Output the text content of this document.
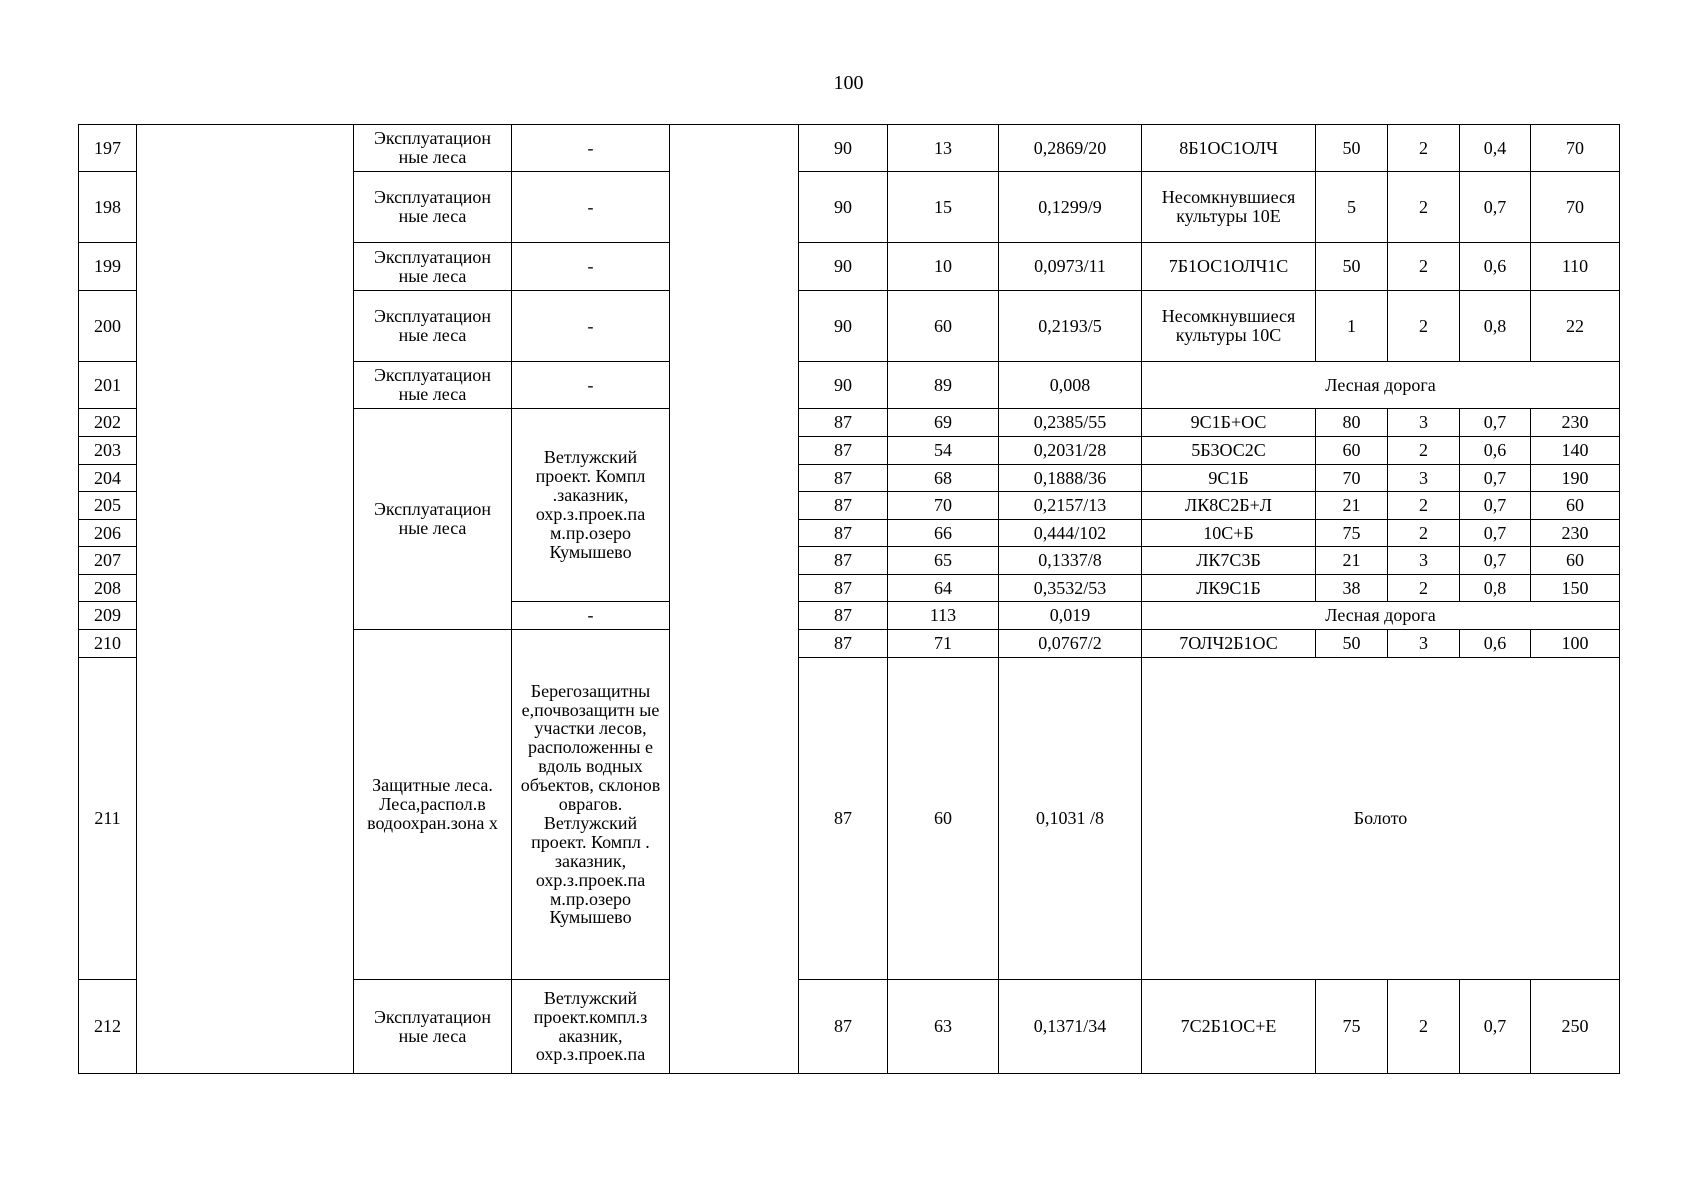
100
197		Эксплуатацион ные леса	-		90	13	0,2869/20	8Б1ОС1ОЛЧ	50	2	0,4	70
198		Эксплуатацион ные леса	-		90	15	0,1299/9	Несомкнувшиеся культуры 10Е	5	2	0,7	70
199		Эксплуатацион ные леса	-		90	10	0,0973/11	7Б1ОС1ОЛЧ1С	50	2	0,6	110
200		Эксплуатацион ные леса	-		90	60	0,2193/5	Несомкнувшиеся культуры 10С	1	2	0,8	22
201		Эксплуатацион ные леса	-		90	89	0,008	Лесная дорога				
202		Эксплуатацион ные леса	Ветлужский проект. Компл .заказник, охр.з.проек.па м.пр.озеро Кумышево		87	69	0,2385/55	9С1Б+ОС	80	3	0,7	230
203					87	54	0,2031/28	5Б3ОС2С	60	2	0,6	140
204					87	68	0,1888/36	9С1Б	70	3	0,7	190
205					87	70	0,2157/13	ЛК8С2Б+Л	21	2	0,7	60
206					87	66	0,444/102	10С+Б	75	2	0,7	230
207					87	65	0,1337/8	ЛК7С3Б	21	3	0,7	60
208					87	64	0,3532/53	ЛК9С1Б	38	2	0,8	150
209			-		87	113	0,019	Лесная дорога				
210		Защитные леса. Леса,распол.в водоохран.зона х	Берегозащитны е,почвозащитн ые участки лесов, расположенны е вдоль водных объектов, склонов оврагов. Ветлужский проект. Компл . заказник, охр.з.проек.па м.пр.озеро Кумышево		87	71	0,0767/2	7ОЛЧ2Б1ОС	50	3	0,6	100
211					87	60	0,1031 /8	Болото				
212		Эксплуатацион ные леса	Ветлужский проект.компл.з аказник, охр.з.проек.па		87	63	0,1371/34	7С2Б1ОС+Е	75	2	0,7	250
